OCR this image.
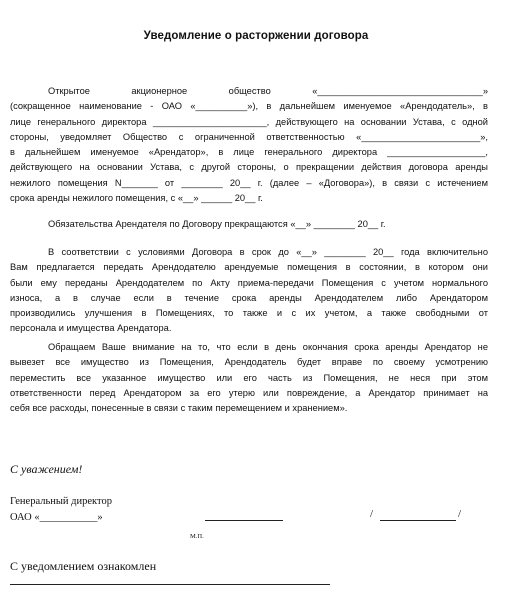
Уведомление о расторжении договора
Открытое акционерное общество «________________________________»
(сокращенное наименование - ОАО «__________»), в дальнейшем именуемое «Арендодатель», в
лице генерального директора ______________________, действующего на основании Устава, с одной
стороны, уведомляет Общество с ограниченной ответственностью «_______________________»,
в дальнейшем именуемое «Арендатор», в лице генерального директора ___________________,
действующего на основании Устава, с другой стороны, о прекращении действия договора аренды
нежилого помещения N_______ от ________ 20__ г. (далее – «Договора»), в связи с истечением
срока аренды нежилого помещения, с «__» ______ 20__ г.
Обязательства Арендателя по Договору прекращаются «__» ________ 20__ г.
В соответствии с условиями Договора в срок до «__» ________ 20__ года включительно
Вам предлагается передать Арендодателю арендуемые помещения в состоянии, в котором они
были ему переданы Арендодателем по Акту приема-передачи Помещения с учетом нормального
износа, а в случае если в течение срока аренды Арендодателем либо Арендатором
производились улучшения в Помещениях, то также и с их учетом, а также свободными от
персонала и имущества Арендатора.
Обращаем Ваше внимание на то, что если в день окончания срока аренды Арендатор не
вывезет все имущество из Помещения, Арендодатель будет вправе по своему усмотрению
переместить все указанное имущество или его часть из Помещения, не неся при этом
ответственности перед Арендатором за его утерю или повреждение, а Арендатор принимает на
себя все расходы, понесенные в связи с таким перемещением и хранением».
С уважением!
Генеральный директор
ОАО «___________»	/	/
М.П.
С уведомлением ознакомлен
